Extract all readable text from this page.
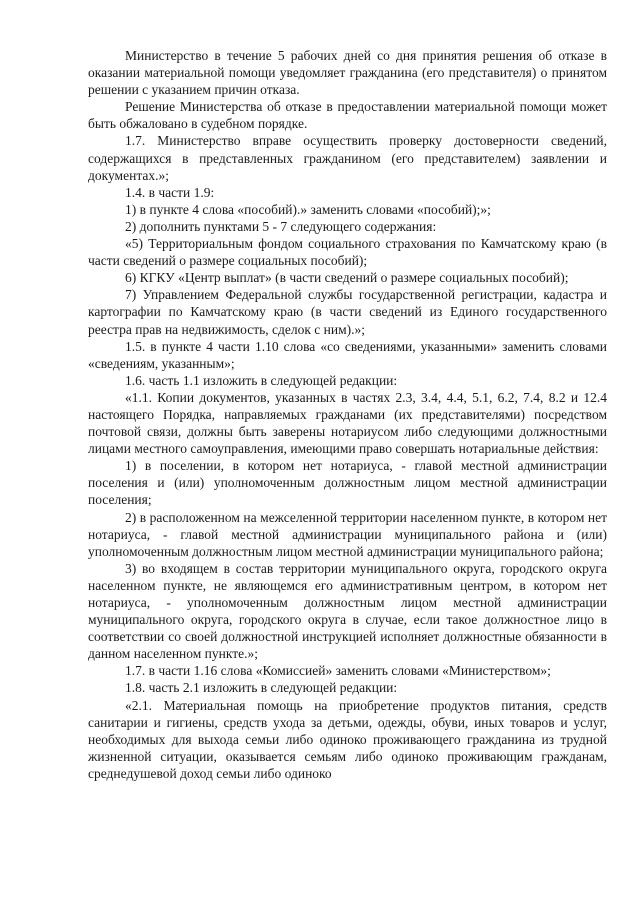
Министерство в течение 5 рабочих дней со дня принятия решения об отказе в оказании материальной помощи уведомляет гражданина (его представителя) о принятом решении с указанием причин отказа.

Решение Министерства об отказе в предоставлении материальной помощи может быть обжаловано в судебном порядке.

1.7. Министерство вправе осуществить проверку достоверности сведений, содержащихся в представленных гражданином (его представителем) заявлении и документах.»;

1.4. в части 1.9:

1) в пункте 4 слова «пособий).» заменить словами «пособий);»;

2) дополнить пунктами 5 - 7 следующего содержания:

«5) Территориальным фондом социального страхования по Камчатскому краю (в части сведений о размере социальных пособий);

6) КГКУ «Центр выплат» (в части сведений о размере социальных пособий);

7) Управлением Федеральной службы государственной регистрации, кадастра и картографии по Камчатскому краю (в части сведений из Единого государственного реестра прав на недвижимость, сделок с ним).»;

1.5. в пункте 4 части 1.10 слова «со сведениями, указанными» заменить словами «сведениям, указанным»;

1.6. часть 1.1 изложить в следующей редакции:

«1.1. Копии документов, указанных в частях 2.3, 3.4, 4.4, 5.1, 6.2, 7.4, 8.2 и 12.4 настоящего Порядка, направляемых гражданами (их представителями) посредством почтовой связи, должны быть заверены нотариусом либо следующими должностными лицами местного самоуправления, имеющими право совершать нотариальные действия:

1) в поселении, в котором нет нотариуса, - главой местной администрации поселения и (или) уполномоченным должностным лицом местной администрации поселения;

2) в расположенном на межселенной территории населенном пункте, в котором нет нотариуса, - главой местной администрации муниципального района и (или) уполномоченным должностным лицом местной администрации муниципального района;

3) во входящем в состав территории муниципального округа, городского округа населенном пункте, не являющемся его административным центром, в котором нет нотариуса, - уполномоченным должностным лицом местной администрации муниципального округа, городского округа в случае, если такое должностное лицо в соответствии со своей должностной инструкцией исполняет должностные обязанности в данном населенном пункте.»;

1.7. в части 1.16 слова «Комиссией» заменить словами «Министерством»;

1.8. часть 2.1 изложить в следующей редакции:

«2.1. Материальная помощь на приобретение продуктов питания, средств санитарии и гигиены, средств ухода за детьми, одежды, обуви, иных товаров и услуг, необходимых для выхода семьи либо одиноко проживающего гражданина из трудной жизненной ситуации, оказывается семьям либо одиноко проживающим гражданам, среднедушевой доход семьи либо одиноко
